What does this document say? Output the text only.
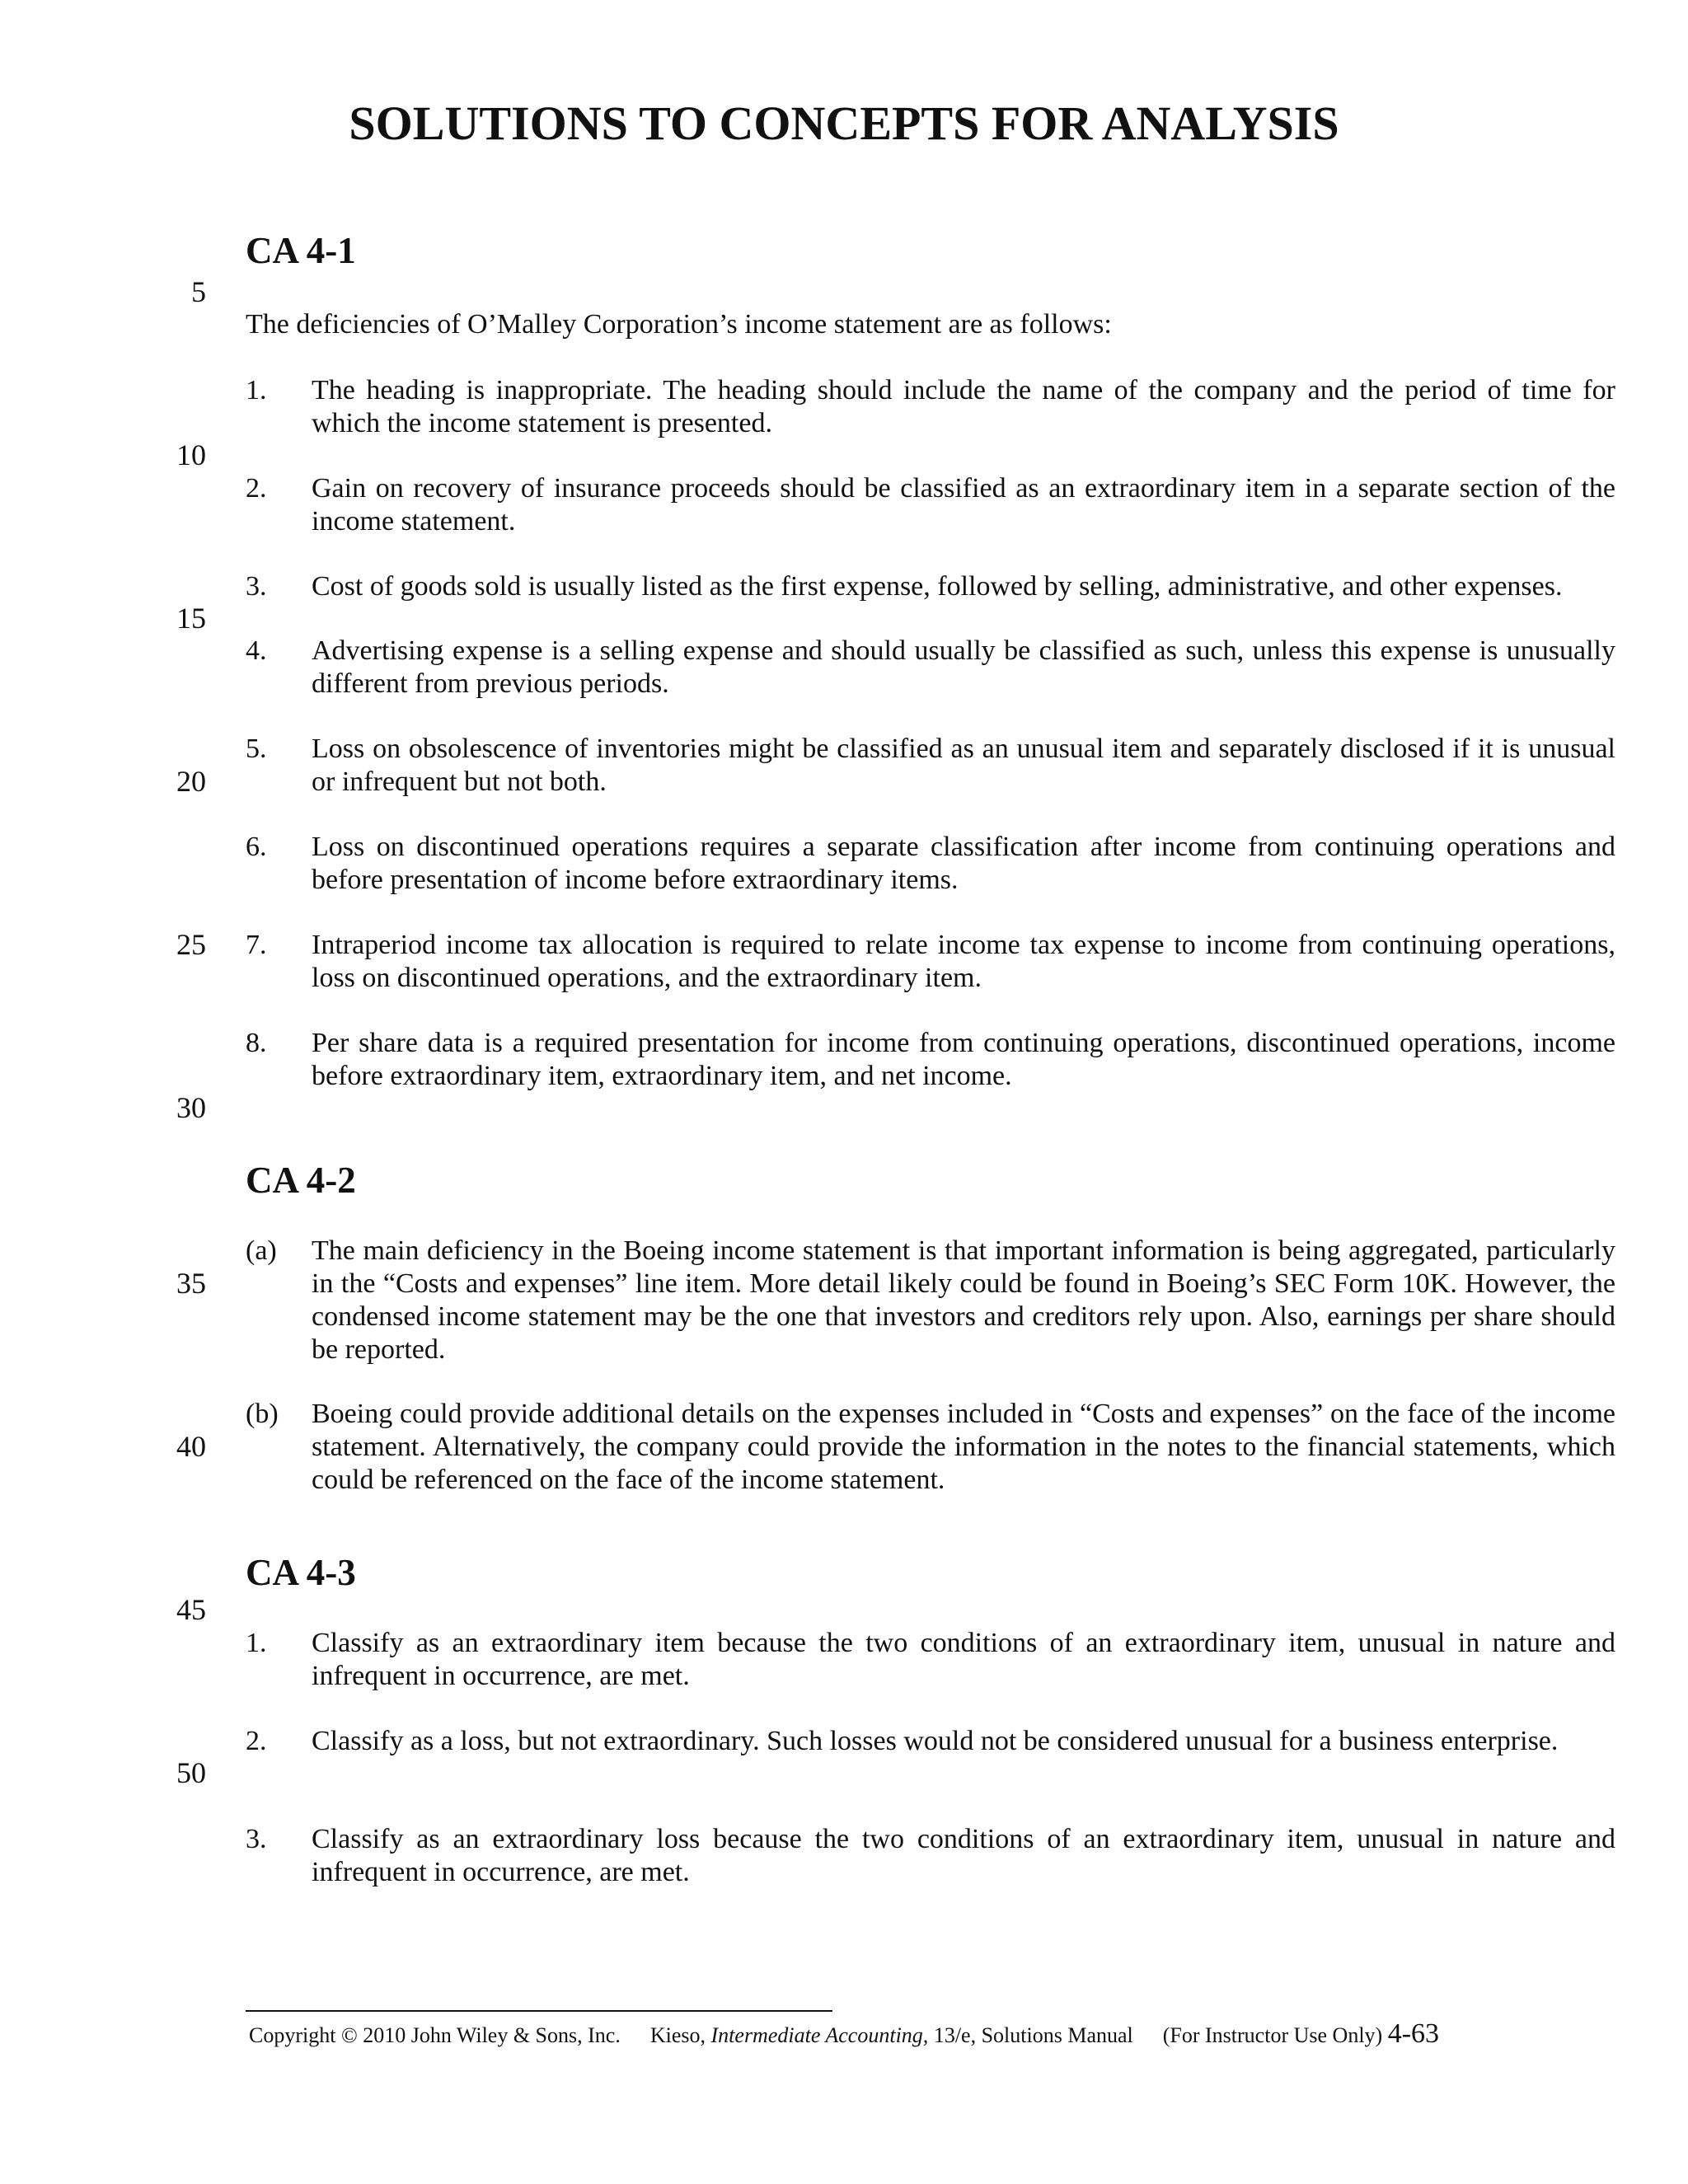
SOLUTIONS TO CONCEPTS FOR ANALYSIS
5
10
15
20
25
30
35
40
45
50
CA 4-1

The deficiencies of O’Malley Corporation’s income statement are as follows:

1. The heading is inappropriate. The heading should include the name of the company and the period of time for which the income statement is presented.
2. Gain on recovery of insurance proceeds should be classified as an extraordinary item in a separate section of the income statement.
3. Cost of goods sold is usually listed as the first expense, followed by selling, administrative, and other expenses.
4. Advertising expense is a selling expense and should usually be classified as such, unless this expense is unusually different from previous periods.
5. Loss on obsolescence of inventories might be classified as an unusual item and separately disclosed if it is unusual or infrequent but not both.
6. Loss on discontinued operations requires a separate classification after income from continuing operations and before presentation of income before extraordinary items.
7. Intraperiod income tax allocation is required to relate income tax expense to income from continuing operations, loss on discontinued operations, and the extraordinary item.
8. Per share data is a required presentation for income from continuing operations, discontinued operations, income before extraordinary item, extraordinary item, and net income.
CA 4-2
(a) The main deficiency in the Boeing income statement is that important information is being aggregated, particularly in the “Costs and expenses” line item. More detail likely could be found in Boeing’s SEC Form 10K. However, the condensed income statement may be the one that investors and creditors rely upon. Also, earnings per share should be reported.
(b) Boeing could provide additional details on the expenses included in “Costs and expenses” on the face of the income statement. Alternatively, the company could provide the information in the notes to the financial statements, which could be referenced on the face of the income statement.
CA 4-3
1. Classify as an extraordinary item because the two conditions of an extraordinary item, unusual in nature and infrequent in occurrence, are met.
2. Classify as a loss, but not extraordinary. Such losses would not be considered unusual for a business enterprise.
3. Classify as an extraordinary loss because the two conditions of an extraordinary item, unusual in nature and infrequent in occurrence, are met.
Copyright © 2010 John Wiley & Sons, Inc. Kieso, Intermediate Accounting, 13/e, Solutions Manual (For Instructor Use Only) 4-63
